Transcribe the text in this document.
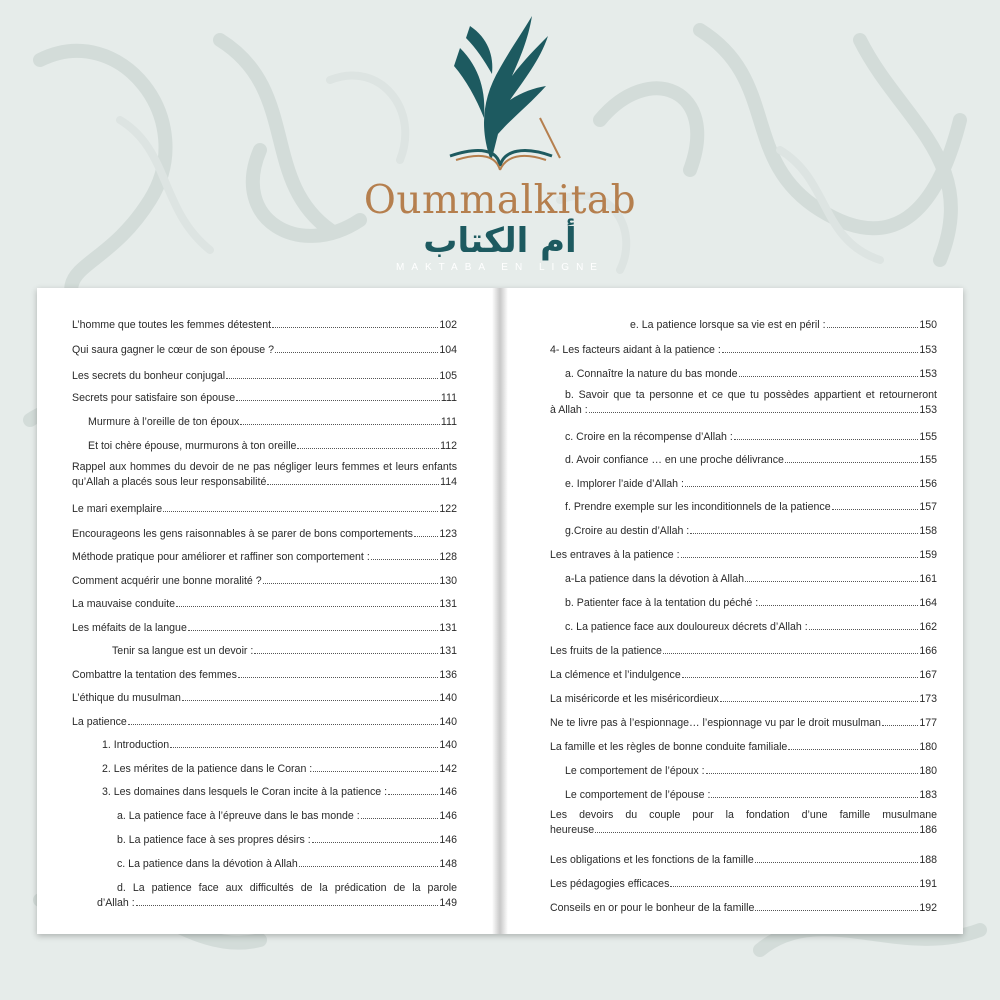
Oummalkitab
أم الكتاب
MAKTABA EN LIGNE
L’homme que toutes les femmes détestent	102
Qui saura gagner le cœur de son épouse ?	104
Les secrets du bonheur conjugal	105
Secrets pour satisfaire son épouse	111
Murmure à l’oreille de ton époux	111
Et toi chère épouse, murmurons à ton oreille	112
Rappel aux hommes du devoir de ne pas négliger leurs femmes et leurs enfants
qu’Allah a placés sous leur responsabilité	114
Le mari exemplaire	122
Encourageons les gens raisonnables à se parer de bons comportements 123
Méthode pratique pour améliorer et raffiner son comportement :	128
Comment acquérir une bonne moralité ?	130
La mauvaise conduite	131
Les méfaits de la langue	131
Tenir sa langue est un devoir :	131
Combattre la tentation des femmes	136
L’éthique du musulman	140
La patience	140
1. Introduction	140
2. Les mérites de la patience dans le Coran :	142
3. Les domaines dans lesquels le Coran incite à la patience :	146
a. La patience face à l’épreuve dans le bas monde :	146
b. La patience face à ses propres désirs :	146
c. La patience dans la dévotion à Allah	148
d. La patience face aux difficultés de la prédication de la parole
d’Allah :	149
e. La patience lorsque sa vie est en péril :	150
4- Les facteurs aidant à la patience :	153
a. Connaître la nature du bas monde	153
b. Savoir que ta personne et ce que tu possèdes appartient et retourneront
à Allah :	153
c. Croire en la récompense d’Allah :	155
d. Avoir confiance … en une proche délivrance	155
e. Implorer l’aide d’Allah :	156
f. Prendre exemple sur les inconditionnels de la patience	157
g.Croire au destin d’Allah :	158
Les entraves à la patience :	159
a-La patience dans la dévotion à Allah	161
b. Patienter face à la tentation du péché :	164
c. La patience face aux douloureux décrets d’Allah :	162
Les fruits de la patience	166
La clémence et l’indulgence	167
La miséricorde et les miséricordieux	173
Ne te livre pas à l’espionnage… l’espionnage vu par le droit musulman	177
La famille et les règles de bonne conduite familiale	180
Le comportement de l’époux :	180
Le comportement de l’épouse :	183
Les devoirs du couple pour la fondation d’une famille musulmane
heureuse	186
Les obligations et les fonctions de la famille	188
Les pédagogies efficaces	191
Conseils en or pour le bonheur de la famille	192
